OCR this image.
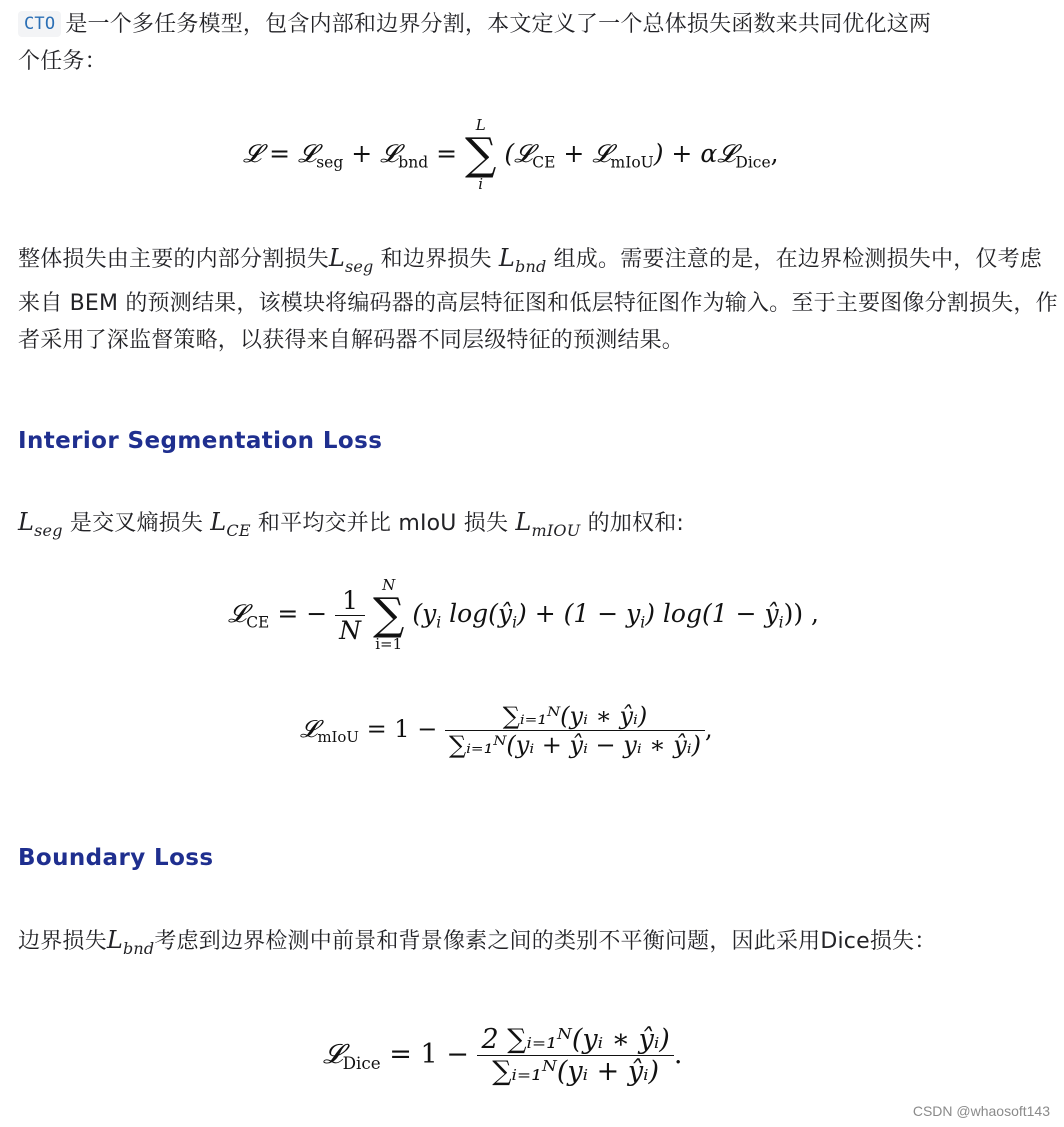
CTO 是一个多任务模型，包含内部和边界分割，本文定义了一个总体损失函数来共同优化这两
个任务：
𝓛 = 𝓛$_{seg}$ + 𝓛$_{bnd}$ =
L
∑
i
(𝓛$_{CE}$ + 𝓛$_{mIoU}$) + α𝓛$_{Dice}$,
整体损失由主要的内部分割损失$L_{seg}$ 和边界损失 $L_{bnd}$ 组成。需要注意的是，在边界检测损失中，仅考虑来自 BEM 的预测结果，该模块将编码器的高层特征图和低层特征图作为输入。至于主要图像分割损失，作者采用了深监督策略，以获得来自解码器不同层级特征的预测结果。
Interior Segmentation Loss
$L_{seg}$ 是交叉熵损失 $L_{CE}$ 和平均交并比 mIoU 损失 $L_{mIOU}$ 的加权和:
𝓛$_{CE}$ = − $\frac{1}{N}$

N
∑
i=1
($y_i$ $\log(ŷ_i) + (1 - y_i) \log(1$ − $ŷ_i$)) ,
𝓛$_{mIoU}$ = $1 - \frac{\text{∑ᵢ₌₁ᴺ(yᵢ ∗ ŷᵢ)}}{\text{∑ᵢ₌₁ᴺ(yᵢ + ŷᵢ − yᵢ ∗ ŷᵢ)}}$ ,
Boundary Loss
边界损失$L_{bnd}$考虑到边界检测中前景和背景像素之间的类别不平衡问题，因此采用Dice损失：
𝓛$_{Dice}$ = $1 - \frac{\text{2 ∑ᵢ₌₁ᴺ(yᵢ ∗ ŷᵢ)}}{\text{∑ᵢ₌₁ᴺ(yᵢ + ŷᵢ)}}$ .
CSDN @whaosoft143
